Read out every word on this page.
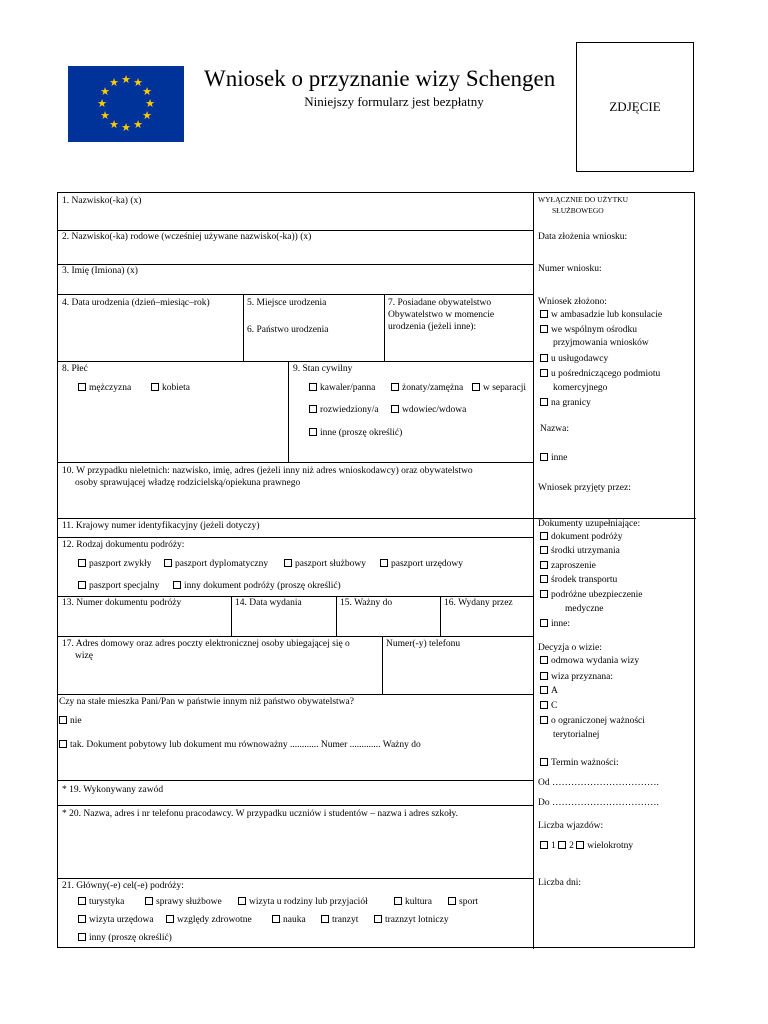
★ ★
★
★
★
★
★
★
★
★
★
★	Wniosek o przyznanie wizy Schengen
Niniejszy formularz jest bezpłatny	ZDJĘCIE
1. Nazwisko(-ka) (x)
2. Nazwisko(-ka) rodowe (wcześniej używane nazwisko(-ka)) (x)
3. Imię (Imiona) (x)
4. Data urodzenia (dzień–miesiąc–rok)	5. Miejsce urodzenia
6. Państwo urodzenia
7. Posiadane obywatelstwo
Obywatelstwo w momencie
urodzenia (jeżeli inne):
8. Płeć
mężczyzna	kobieta
9. Stan cywilny
kawaler/panna	żonaty/zamężna	w separacji
rozwiedziony/a	wdowiec/wdowa
inne (proszę określić)
10. W przypadku nieletnich: nazwisko, imię, adres (jeżeli inny niż adres wnioskodawcy) oraz obywatelstwo
osoby sprawującej władzę rodzicielską/opiekuna prawnego
11. Krajowy numer identyfikacyjny (jeżeli dotyczy)
12. Rodzaj dokumentu podróży:
paszport zwykły	paszport dyplomatyczny	paszport służbowy	paszport urzędowy
paszport specjalny	inny dokument podróży (proszę określić)
13. Numer dokumentu podróży	14. Data wydania	15. Ważny do	16. Wydany przez
17. Adres domowy oraz adres poczty elektronicznej osoby ubiegającej się o
wizę
Numer(-y) telefonu
Czy na stałe mieszka Pani/Pan w państwie innym niż państwo obywatelstwa?
nie
tak. Dokument pobytowy lub dokument mu równoważny ............ Numer ............. Ważny do
* 19. Wykonywany zawód
* 20. Nazwa, adres i nr telefonu pracodawcy. W przypadku uczniów i studentów – nazwa i adres szkoły.
21. Główny(-e) cel(-e) podróży:
turystyka	sprawy służbowe	wizyta u rodziny lub przyjaciół	kultura	sport
wizyta urzędowa	względy zdrowotne	nauka	tranzyt	traznzyt lotniczy
inny (proszę określić)
WYŁĄCZNIE DO UŻYTKU
SŁUŻBOWEGO
Data złożenia wniosku:
Numer wniosku:
Wniosek złożono:
w ambasadzie lub konsulacie
we wspólnym ośrodku
przyjmowania wniosków
u usługodawcy
u pośredniczącego podmiotu
komercyjnego
na granicy
Nazwa:
inne
Wniosek przyjęty przez:
Dokumenty uzupełniające:
dokument podróży
środki utrzymania
zaproszenie
środek transportu
podróżne ubezpieczenie
medyczne
inne:
Decyzja o wizie:
odmowa wydania wizy
wiza przyznana:
A
C
o ograniczonej ważności
terytorialnej
Termin ważności:
Od …………………………….
Do …………………………….
Liczba wjazdów:
1 2 wielokrotny
Liczba dni:
